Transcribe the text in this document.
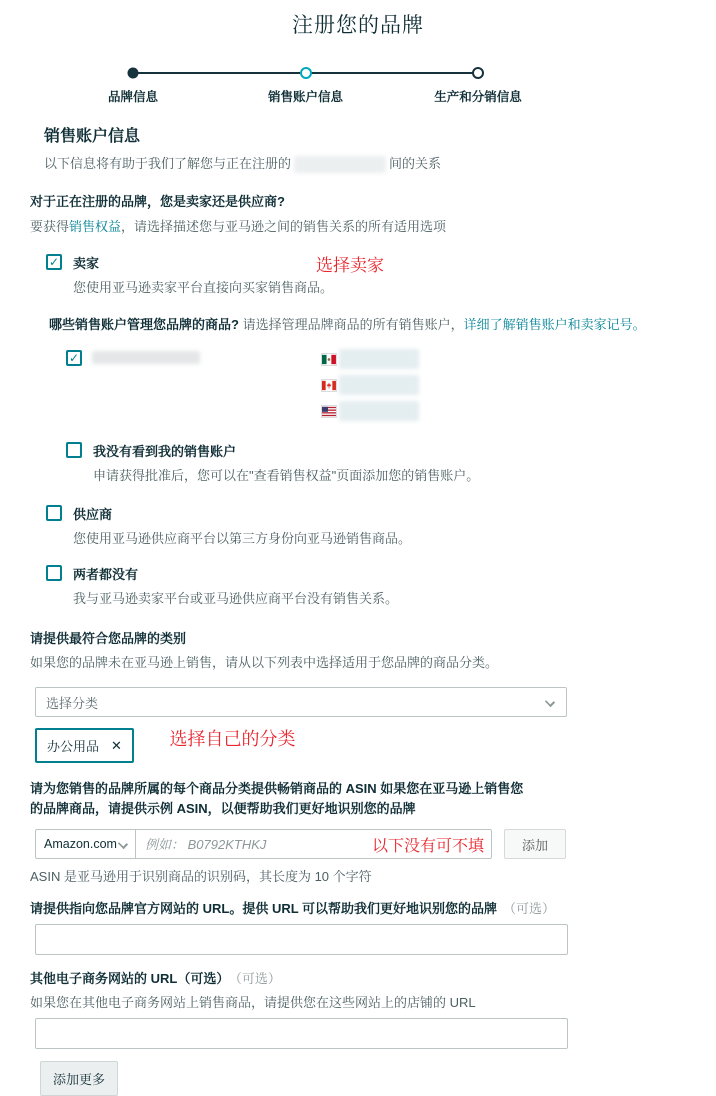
注册您的品牌
品牌信息	销售账户信息	生产和分销信息
销售账户信息
以下信息将有助于我们了解您与正在注册的	间的关系
对于正在注册的品牌，您是卖家还是供应商?
要获得销售权益，请选择描述您与亚马逊之间的销售关系的所有适用选项
✓ 卖家
您使用亚马逊卖家平台直接向买家销售商品。
选择卖家
哪些销售账户管理您品牌的商品? 请选择管理品牌商品的所有销售账户，详细了解销售账户和卖家记号。
✓
我没有看到我的销售账户
申请获得批准后，您可以在"查看销售权益"页面添加您的销售账户。
供应商
您使用亚马逊供应商平台以第三方身份向亚马逊销售商品。
两者都没有
我与亚马逊卖家平台或亚马逊供应商平台没有销售关系。
请提供最符合您品牌的类别
如果您的品牌未在亚马逊上销售，请从以下列表中选择适用于您品牌的商品分类。
选择分类
办公用品 ✕	选择自己的分类
请为您销售的品牌所属的每个商品分类提供畅销商品的 ASIN 如果您在亚马逊上销售您的品牌商品，请提供示例 ASIN，以便帮助我们更好地识别您的品牌
Amazon.com
例如： B0792KTHKJ	以下没有可不填	添加
ASIN 是亚马逊用于识别商品的识别码，其长度为 10 个字符
请提供指向您品牌官方网站的 URL。提供 URL 可以帮助我们更好地识别您的品牌 （可选）
其他电子商务网站的 URL（可选） （可选）
如果您在其他电子商务网站上销售商品，请提供您在这些网站上的店铺的 URL
添加更多
